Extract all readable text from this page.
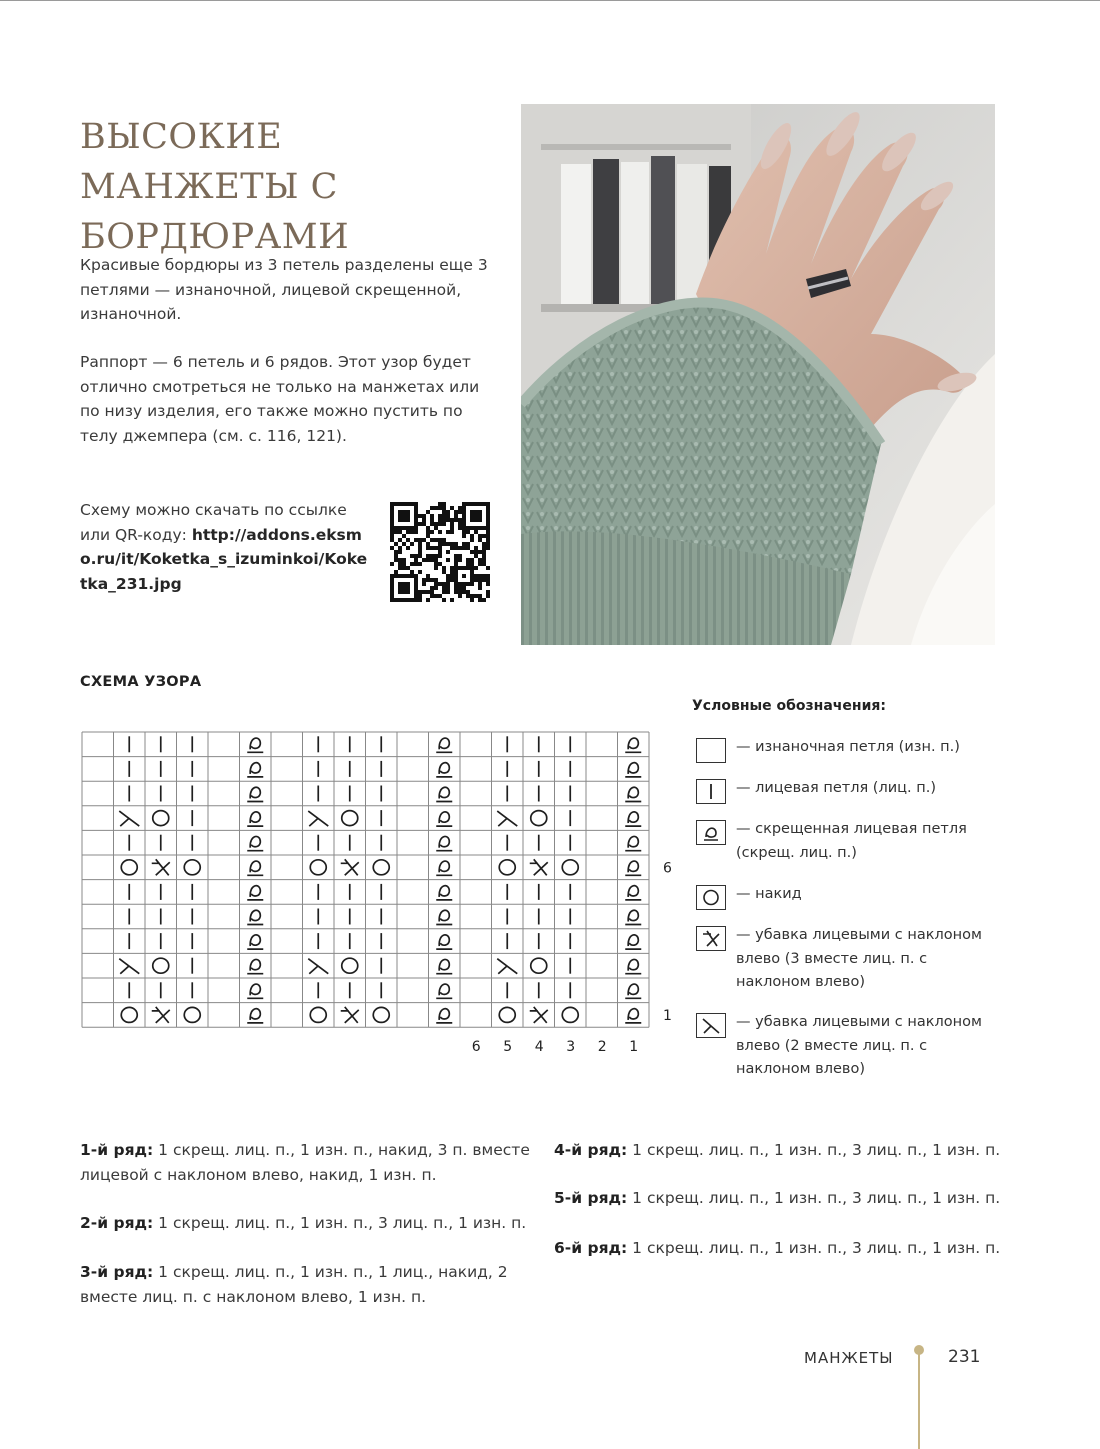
ВЫСОКИЕ МАНЖЕТЫ С БОРДЮРАМИ

Красивые бордюры из 3 петель разделены еще 3 петлями — изнаночной, лицевой скрещенной, изнаночной.

Раппорт — 6 петель и 6 рядов. Этот узор будет отлично смотреться не только на манжетах или по низу изделия, его также можно пустить по телу джемпера (см. с. 116, 121).

Схему можно скачать по ссылке или QR-коду: http://addons.eksmo.ru/it/Koketka_s_izuminkoi/Koketka_231.jpg

СХЕМА УЗОРА
6
1
6 5 4 3 2 1
Условные обозначения:
— изнаночная петля (изн. п.)
— лицевая петля (лиц. п.)
— скрещенная лицевая петля (скрещ. лиц. п.)
— накид
— убавка лицевыми с наклоном влево (3 вместе лиц. п. с наклоном влево)
— убавка лицевыми с наклоном влево (2 вместе лиц. п. с наклоном влево)

1-й ряд: 1 скрещ. лиц. п., 1 изн. п., накид, 3 п. вместе лицевой с наклоном влево, накид, 1 изн. п.

2-й ряд: 1 скрещ. лиц. п., 1 изн. п., 3 лиц. п., 1 изн. п.

3-й ряд: 1 скрещ. лиц. п., 1 изн. п., 1 лиц., накид, 2 вместе лиц. п. с наклоном влево, 1 изн. п.

4-й ряд: 1 скрещ. лиц. п., 1 изн. п., 3 лиц. п., 1 изн. п.

5-й ряд: 1 скрещ. лиц. п., 1 изн. п., 3 лиц. п., 1 изн. п.

6-й ряд: 1 скрещ. лиц. п., 1 изн. п., 3 лиц. п., 1 изн. п.

МАНЖЕТЫ	231
